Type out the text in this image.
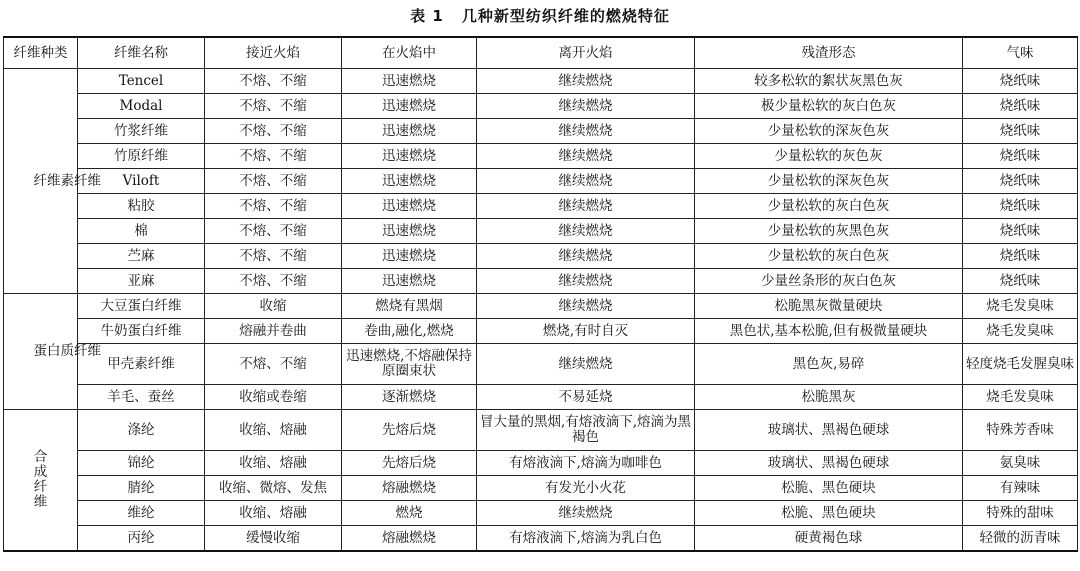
表 1 几种新型纺织纤维的燃烧特征
纤维种类	纤维名称	接近火焰	在火焰中	离开火焰	残渣形态	气味

纤维素纤维	Tencel	不熔、不缩	迅速燃烧	继续燃烧	较多松软的絮状灰黑色灰	烧纸味
	Modal	不熔、不缩	迅速燃烧	继续燃烧	极少量松软的灰白色灰	烧纸味
	竹浆纤维	不熔、不缩	迅速燃烧	继续燃烧	少量松软的深灰色灰	烧纸味
	竹原纤维	不熔、不缩	迅速燃烧	继续燃烧	少量松软的灰色灰	烧纸味
	Viloft	不熔、不缩	迅速燃烧	继续燃烧	少量松软的深灰色灰	烧纸味
	粘胶	不熔、不缩	迅速燃烧	继续燃烧	少量松软的灰白色灰	烧纸味
	棉	不熔、不缩	迅速燃烧	继续燃烧	少量松软的灰黑色灰	烧纸味
	苎麻	不熔、不缩	迅速燃烧	继续燃烧	少量松软的灰白色灰	烧纸味
	亚麻	不熔、不缩	迅速燃烧	继续燃烧	少量丝条形的灰白色灰	烧纸味

蛋白质纤维	大豆蛋白纤维	收缩	燃烧有黑烟	继续燃烧	松脆黑灰微量硬块	烧毛发臭味
	牛奶蛋白纤维	熔融并卷曲	卷曲,融化,燃烧	燃烧,有时自灭	黑色状,基本松脆,但有极微量硬块	烧毛发臭味
	甲壳素纤维	不熔、不缩	迅速燃烧,不熔融保持原圈束状	继续燃烧	黑色灰,易碎	轻度烧毛发腥臭味
	羊毛、蚕丝	收缩或卷缩	逐渐燃烧	不易延烧	松脆黑灰	烧毛发臭味

合成纤维	涤纶	收缩、熔融	先熔后烧	冒大量的黑烟,有熔液滴下,熔滴为黑褐色	玻璃状、黑褐色硬球	特殊芳香味
	锦纶	收缩、熔融	先熔后烧	有熔液滴下,熔滴为咖啡色	玻璃状、黑褐色硬球	氨臭味
	腈纶	收缩、微熔、发焦	熔融燃烧	有发光小火花	松脆、黑色硬块	有辣味
	维纶	收缩、熔融	燃烧	继续燃烧	松脆、黑色硬块	特殊的甜味
	丙纶	缓慢收缩	熔融燃烧	有熔液滴下,熔滴为乳白色	硬黄褐色球	轻微的沥青味
